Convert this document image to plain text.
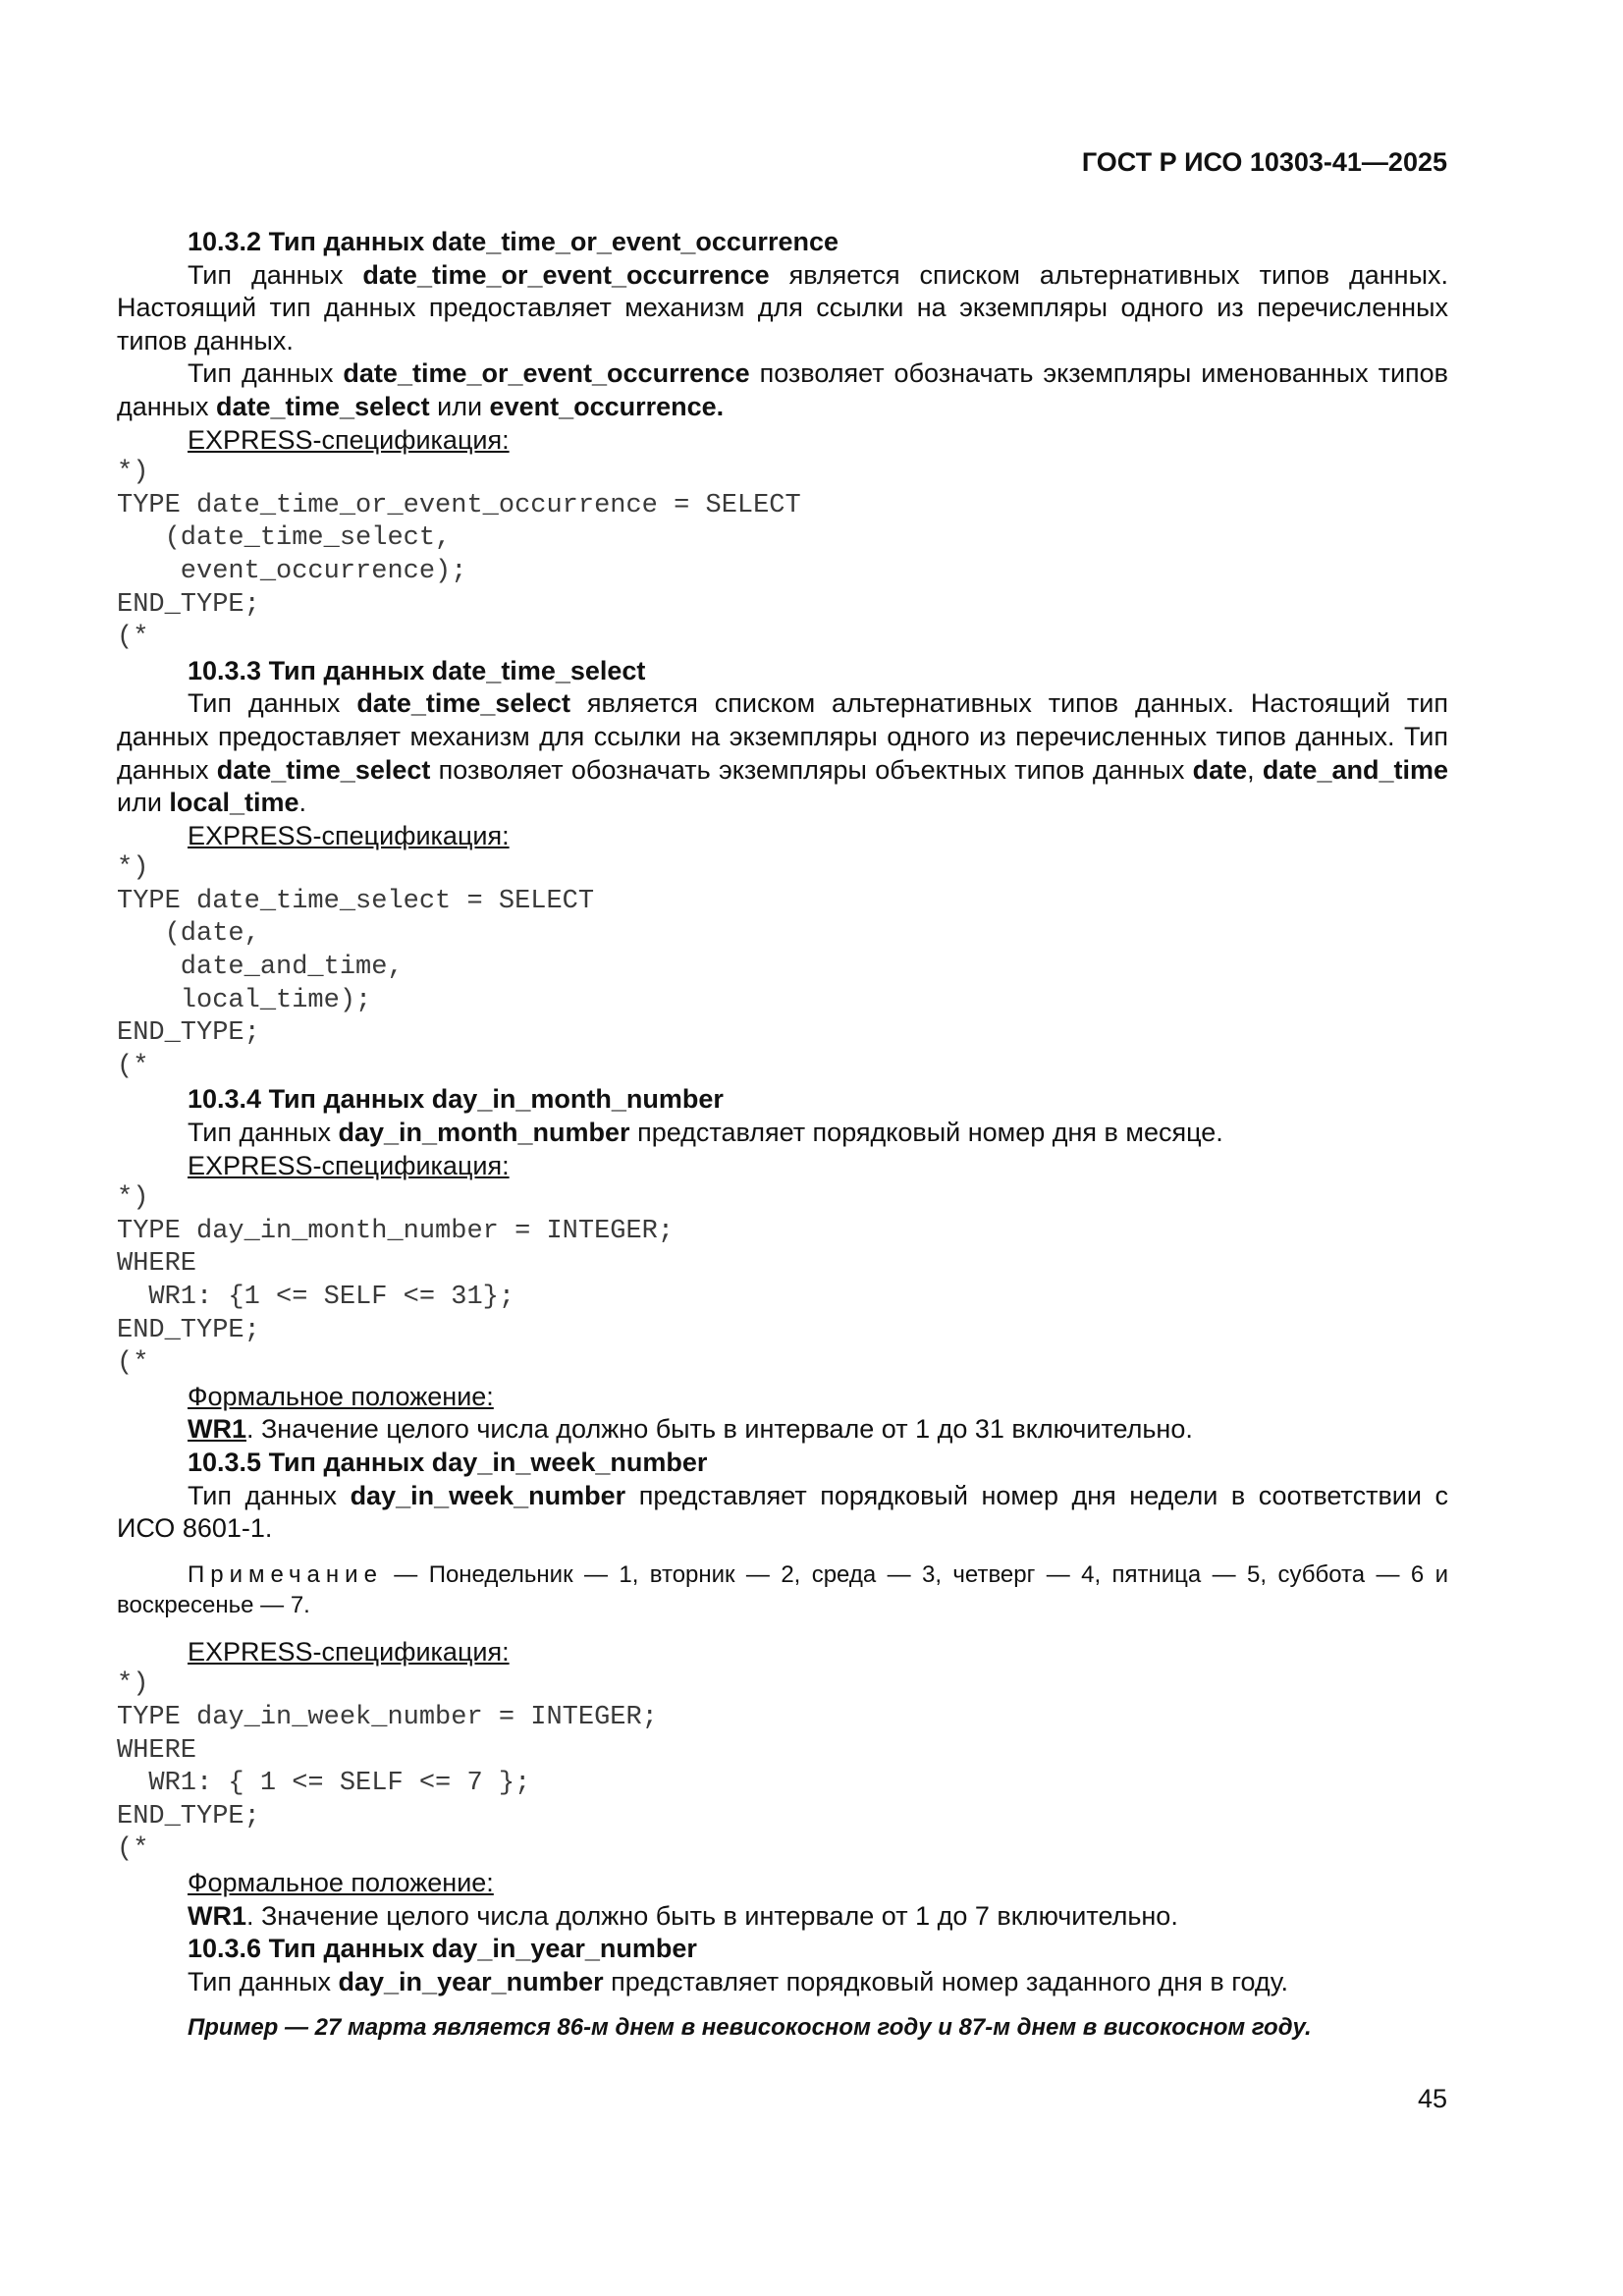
ГОСТ Р ИСО 10303-41—2025

10.3.2 Тип данных date_time_or_event_occurrence

Тип данных date_time_or_event_occurrence является списком альтернативных типов данных. Настоящий тип данных предоставляет механизм для ссылки на экземпляры одного из перечисленных типов данных.

Тип данных date_time_or_event_occurrence позволяет обозначать экземпляры именованных типов данных date_time_select или event_occurrence.

EXPRESS-спецификация:

*)
TYPE date_time_or_event_occurrence = SELECT
(date_time_select,
event_occurrence);
END_TYPE;
(*

10.3.3 Тип данных date_time_select

Тип данных date_time_select является списком альтернативных типов данных. Настоящий тип данных предоставляет механизм для ссылки на экземпляры одного из перечисленных типов данных. Тип данных date_time_select позволяет обозначать экземпляры объектных типов данных date, date_and_time или local_time.

EXPRESS-спецификация:

*)
TYPE date_time_select = SELECT
(date,
date_and_time,
local_time);
END_TYPE;
(*

10.3.4 Тип данных day_in_month_number

Тип данных day_in_month_number представляет порядковый номер дня в месяце.

EXPRESS-спецификация:

*)
TYPE day_in_month_number = INTEGER;
WHERE
WR1: {1 <= SELF <= 31};
END_TYPE;
(*

Формальное положение:

WR1. Значение целого числа должно быть в интервале от 1 до 31 включительно.

10.3.5 Тип данных day_in_week_number

Тип данных day_in_week_number представляет порядковый номер дня недели в соответствии с ИСО 8601-1.

Примечание — Понедельник — 1, вторник — 2, среда — 3, четверг — 4, пятница — 5, суббота — 6 и воскресенье — 7.

EXPRESS-спецификация:

*)
TYPE day_in_week_number = INTEGER;
WHERE
WR1: { 1 <= SELF <= 7 };
END_TYPE;
(*

Формальное положение:

WR1. Значение целого числа должно быть в интервале от 1 до 7 включительно.

10.3.6 Тип данных day_in_year_number

Тип данных day_in_year_number представляет порядковый номер заданного дня в году.

Пример — 27 марта является 86-м днем в невисокосном году и 87-м днем в високосном году.

45
